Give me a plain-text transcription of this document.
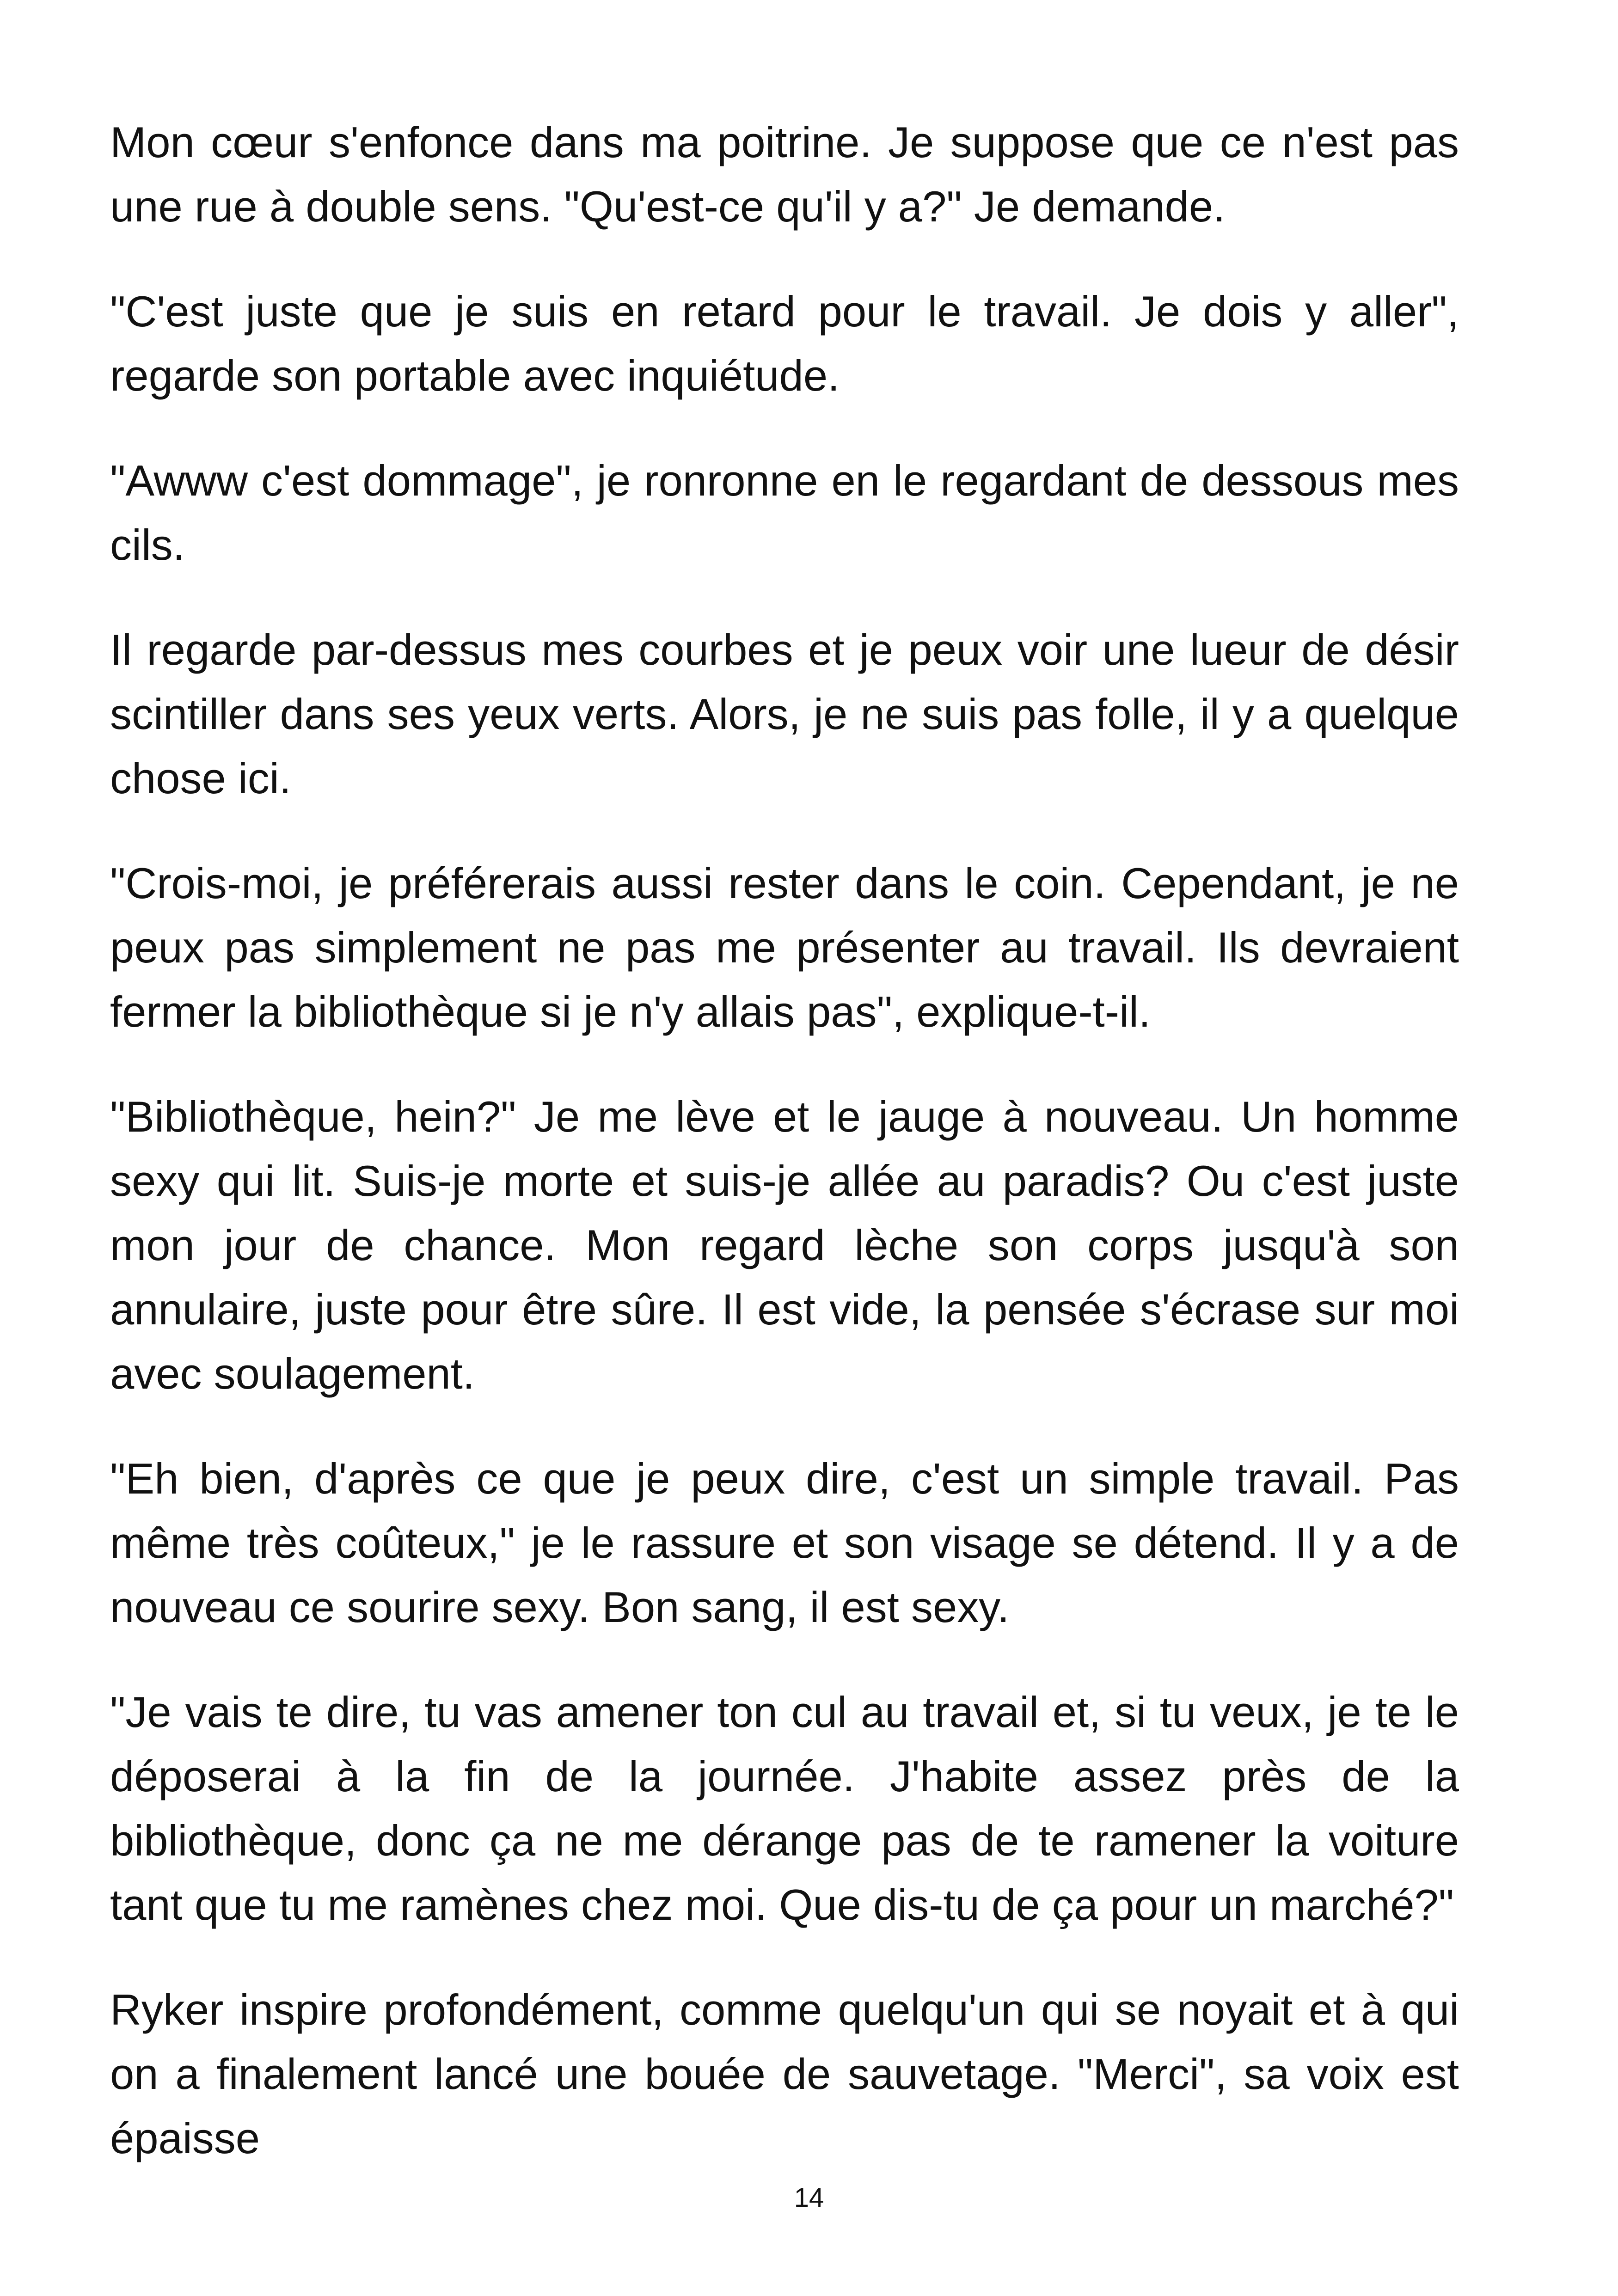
Mon cœur s'enfonce dans ma poitrine. Je suppose que ce n'est pas une rue à double sens. "Qu'est-ce qu'il y a?" Je demande.

"C'est juste que je suis en retard pour le travail. Je dois y aller", regarde son portable avec inquiétude.

"Awww c'est dommage", je ronronne en le regardant de dessous mes cils.

Il regarde par-dessus mes courbes et je peux voir une lueur de désir scintiller dans ses yeux verts. Alors, je ne suis pas folle, il y a quelque chose ici.

"Crois-moi, je préférerais aussi rester dans le coin. Cependant, je ne peux pas simplement ne pas me présenter au travail. Ils devraient fermer la bibliothèque si je n'y allais pas", explique-t-il.

"Bibliothèque, hein?" Je me lève et le jauge à nouveau. Un homme sexy qui lit. Suis-je morte et suis-je allée au paradis? Ou c'est juste mon jour de chance. Mon regard lèche son corps jusqu'à son annulaire, juste pour être sûre. Il est vide, la pensée s'écrase sur moi avec soulagement.

"Eh bien, d'après ce que je peux dire, c'est un simple travail. Pas même très coûteux," je le rassure et son visage se détend. Il y a de nouveau ce sourire sexy. Bon sang, il est sexy.

"Je vais te dire, tu vas amener ton cul au travail et, si tu veux, je te le déposerai à la fin de la journée. J'habite assez près de la bibliothèque, donc ça ne me dérange pas de te ramener la voiture tant que tu me ramènes chez moi. Que dis-tu de ça pour un marché?"

Ryker inspire profondément, comme quelqu'un qui se noyait et à qui on a finalement lancé une bouée de sauvetage. "Merci", sa voix est épaisse

14
